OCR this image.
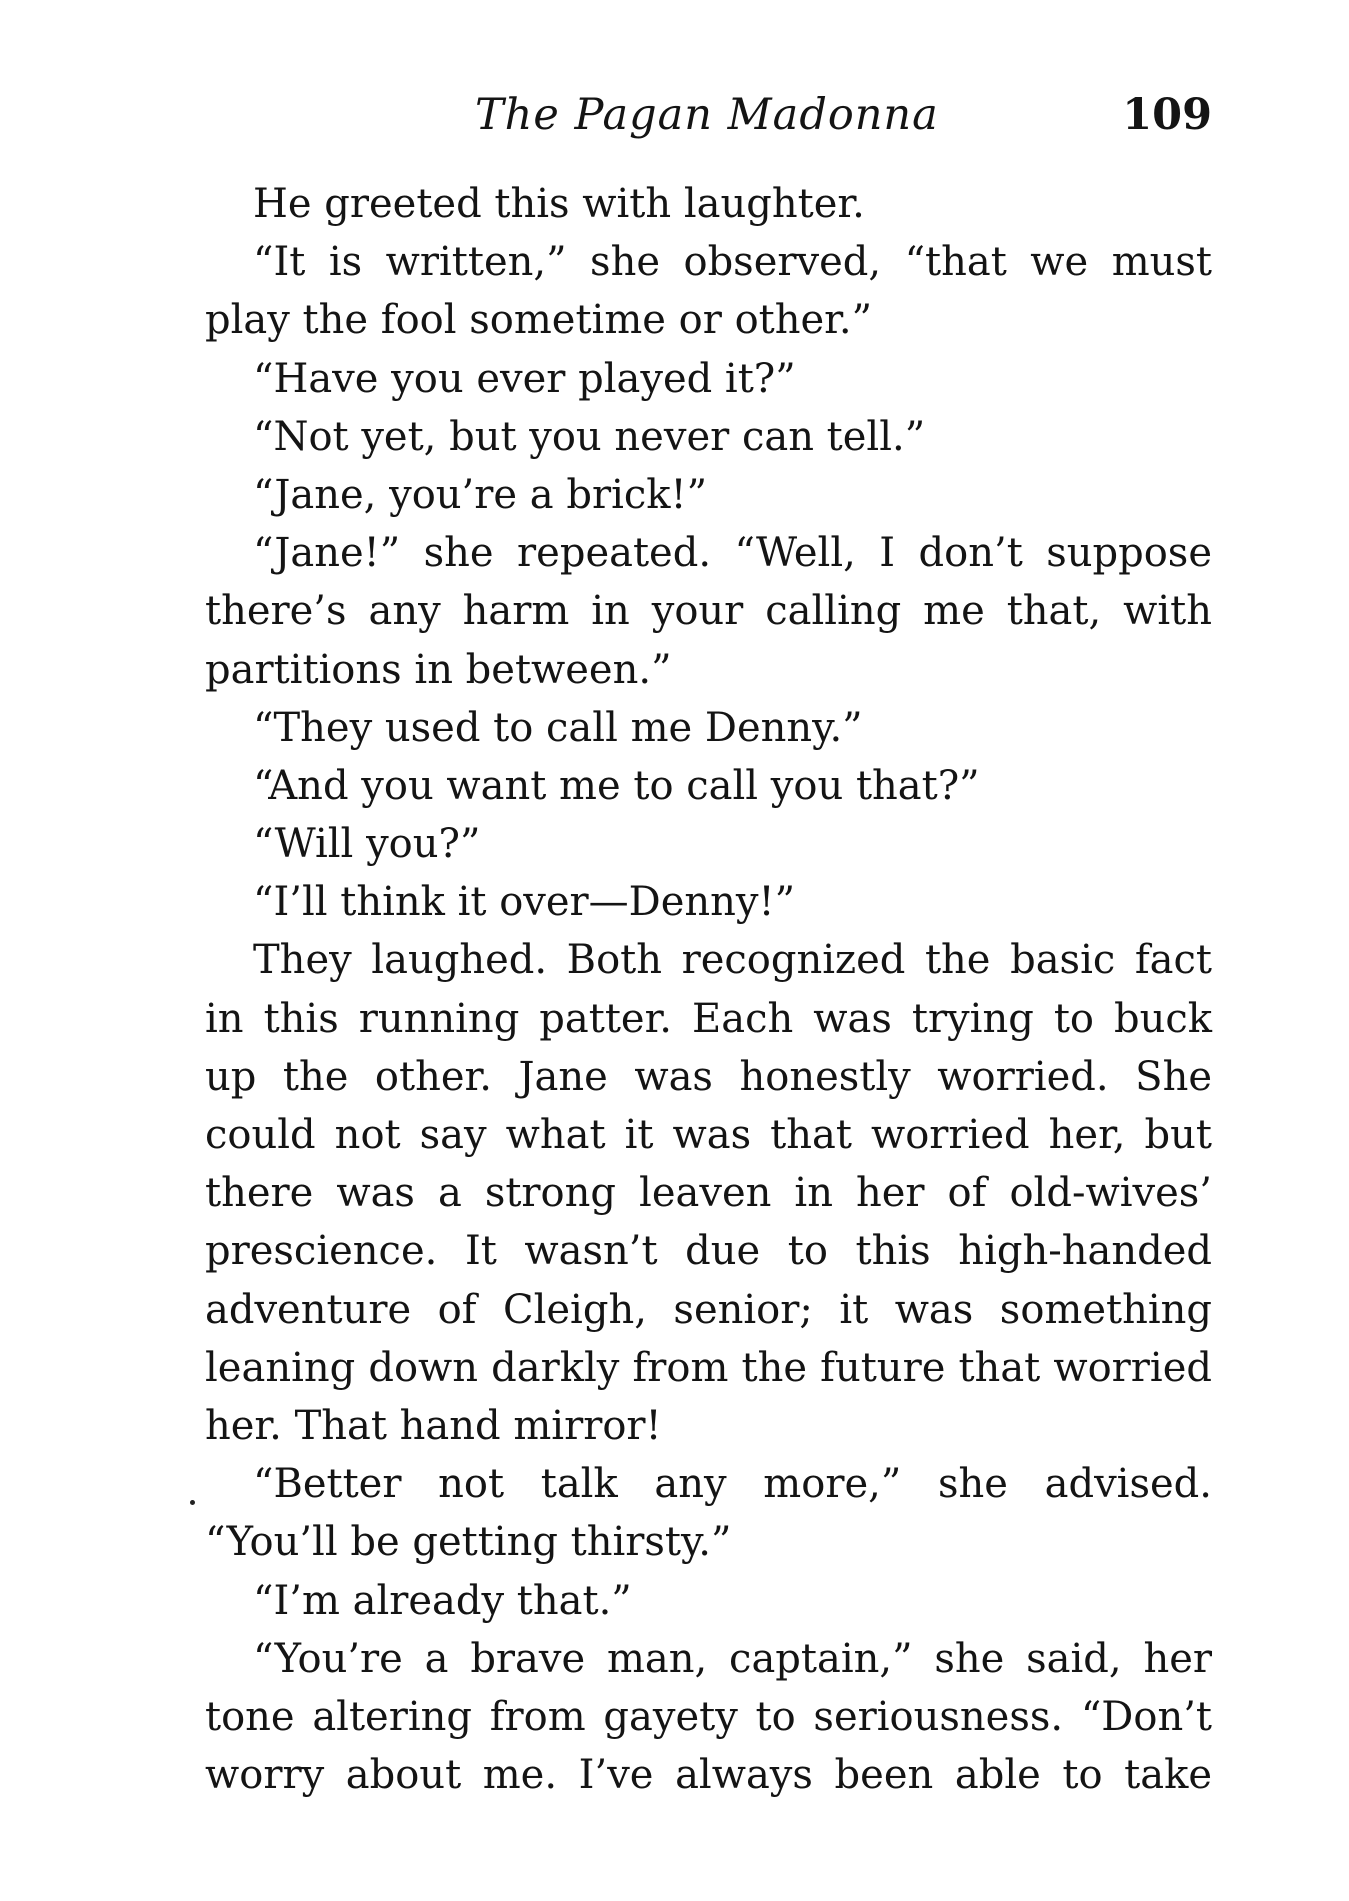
The Pagan Madonna	109
He greeted this with laughter.
“It is written,” she observed, “that we must
play the fool sometime or other.”
“Have you ever played it?”
“Not yet, but you never can tell.”
“Jane, you’re a brick!”
“Jane!” she repeated. “Well, I don’t suppose
there’s any harm in your calling me that, with
partitions in between.”
“They used to call me Denny.”
“And you want me to call you that?”
“Will you?”
“I’ll think it over—Denny!”
They laughed. Both recognized the basic fact
in this running patter. Each was trying to buck
up the other. Jane was honestly worried. She
could not say what it was that worried her, but
there was a strong leaven in her of old-wives’
prescience. It wasn’t due to this high-handed
adventure of Cleigh, senior; it was something
leaning down darkly from the future that worried
her. That hand mirror!
“Better not talk any more,” she advised.
“You’ll be getting thirsty.”
“I’m already that.”
“You’re a brave man, captain,” she said, her
tone altering from gayety to seriousness. “Don’t
worry about me. I’ve always been able to take
